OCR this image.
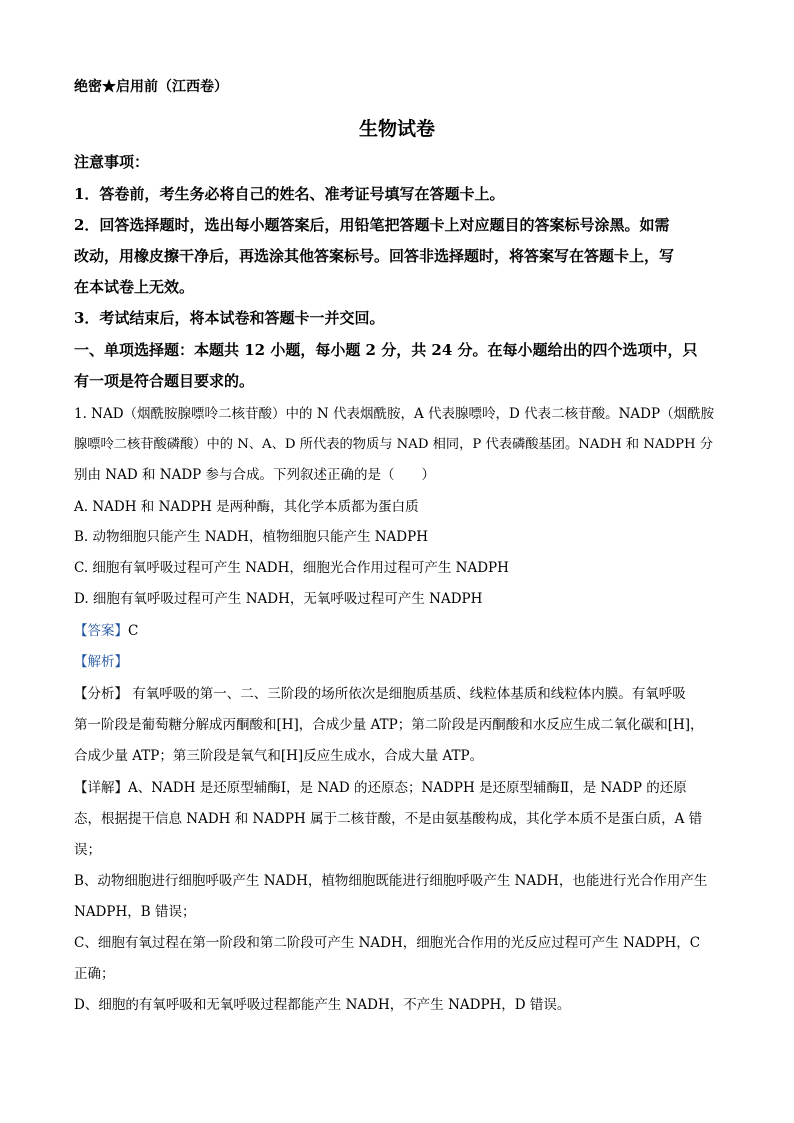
绝密★启用前（江西卷）
生物试卷
注意事项：
1．答卷前，考生务必将自己的姓名、准考证号填写在答题卡上。
2．回答选择题时，选出每小题答案后，用铅笔把答题卡上对应题目的答案标号涂黑。如需
改动，用橡皮擦干净后，再选涂其他答案标号。回答非选择题时，将答案写在答题卡上，写
在本试卷上无效。
3．考试结束后，将本试卷和答题卡一并交回。
一、单项选择题：本题共 12 小题，每小题 2 分，共 24 分。在每小题给出的四个选项中，只
有一项是符合题目要求的。
1. NAD（烟酰胺腺嘌呤二核苷酸）中的 N 代表烟酰胺，A 代表腺嘌呤，D 代表二核苷酸。NADP（烟酰胺
腺嘌呤二核苷酸磷酸）中的 N、A、D 所代表的物质与 NAD 相同，P 代表磷酸基团。NADH 和 NADPH 分
别由 NAD 和 NADP 参与合成。下列叙述正确的是（　　）
A. NADH 和 NADPH 是两种酶，其化学本质都为蛋白质
B. 动物细胞只能产生 NADH，植物细胞只能产生 NADPH
C. 细胞有氧呼吸过程可产生 NADH，细胞光合作用过程可产生 NADPH
D. 细胞有氧呼吸过程可产生 NADH，无氧呼吸过程可产生 NADPH
【答案】C
【解析】
【分析】 有氧呼吸的第一、二、三阶段的场所依次是细胞质基质、线粒体基质和线粒体内膜。有氧呼吸
第一阶段是葡萄糖分解成丙酮酸和[H]，合成少量 ATP；第二阶段是丙酮酸和水反应生成二氧化碳和[H]，
合成少量 ATP；第三阶段是氧气和[H]反应生成水，合成大量 ATP。
【详解】A、NADH 是还原型辅酶Ⅰ，是 NAD 的还原态；NADPH 是还原型辅酶Ⅱ，是 NADP 的还原
态，根据提干信息 NADH 和 NADPH 属于二核苷酸，不是由氨基酸构成，其化学本质不是蛋白质，A 错
误；
B、动物细胞进行细胞呼吸产生 NADH，植物细胞既能进行细胞呼吸产生 NADH，也能进行光合作用产生
NADPH，B 错误；
C、细胞有氧过程在第一阶段和第二阶段可产生 NADH，细胞光合作用的光反应过程可产生 NADPH，C
正确；
D、细胞的有氧呼吸和无氧呼吸过程都能产生 NADH，不产生 NADPH，D 错误。
